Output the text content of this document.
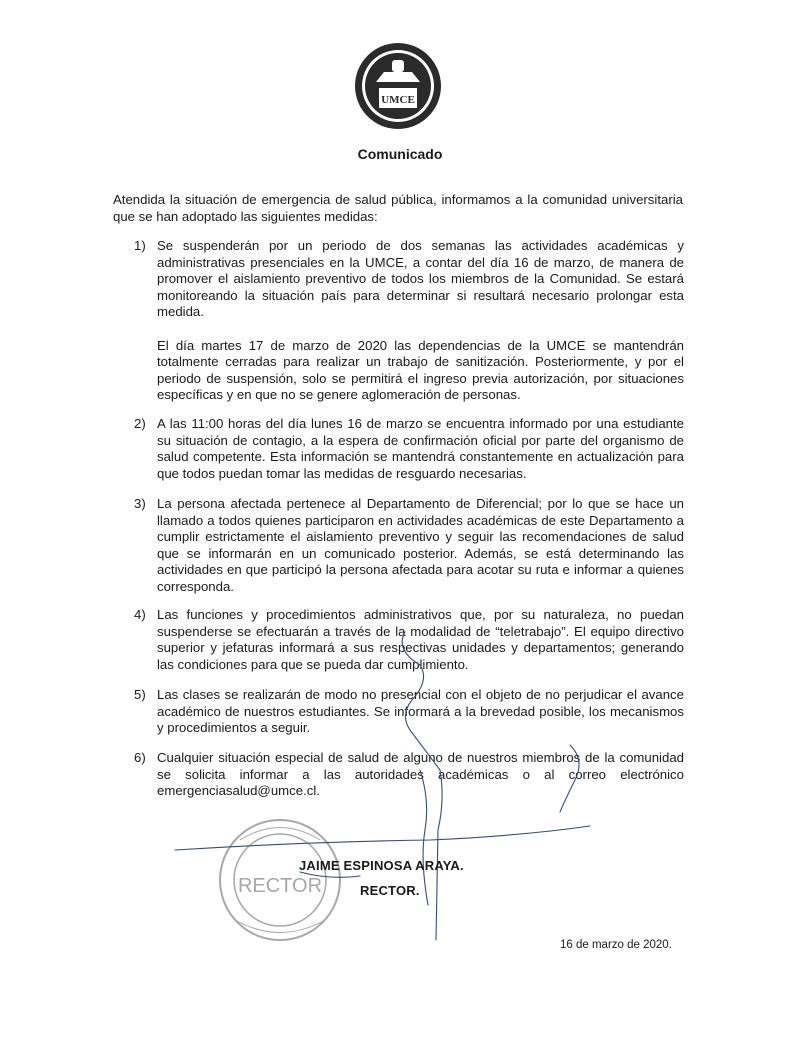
UMCE
Comunicado
Atendida la situación de emergencia de salud pública, informamos a la comunidad universitaria que se han adoptado las siguientes medidas:
1) Se suspenderán por un periodo de dos semanas las actividades académicas y administrativas presenciales en la UMCE, a contar del día 16 de marzo, de manera de promover el aislamiento preventivo de todos los miembros de la Comunidad. Se estará monitoreando la situación país para determinar si resultará necesario prolongar esta medida.

El día martes 17 de marzo de 2020 las dependencias de la UMCE se mantendrán totalmente cerradas para realizar un trabajo de sanitización. Posteriormente, y por el periodo de suspensión, solo se permitirá el ingreso previa autorización, por situaciones específicas y en que no se genere aglomeración de personas.

2) A las 11:00 horas del día lunes 16 de marzo se encuentra informado por una estudiante su situación de contagio, a la espera de confirmación oficial por parte del organismo de salud competente. Esta información se mantendrá constantemente en actualización para que todos puedan tomar las medidas de resguardo necesarias.

3) La persona afectada pertenece al Departamento de Diferencial; por lo que se hace un llamado a todos quienes participaron en actividades académicas de este Departamento a cumplir estrictamente el aislamiento preventivo y seguir las recomendaciones de salud que se informarán en un comunicado posterior. Además, se está determinando las actividades en que participó la persona afectada para acotar su ruta e informar a quienes corresponda.

4) Las funciones y procedimientos administrativos que, por su naturaleza, no puedan suspenderse se efectuarán a través de la modalidad de “teletrabajo”. El equipo directivo superior y jefaturas informará a sus respectivas unidades y departamentos; generando las condiciones para que se pueda dar cumplimiento.

5) Las clases se realizarán de modo no presencial con el objeto de no perjudicar el avance académico de nuestros estudiantes. Se informará a la brevedad posible, los mecanismos y procedimientos a seguir.

6) Cualquier situación especial de salud de alguno de nuestros miembros de la comunidad se solicita informar a las autoridades académicas o al correo electrónico emergenciasalud@umce.cl.

RECTOR
JAIME ESPINOSA ARAYA.
RECTOR.
16 de marzo de 2020.
